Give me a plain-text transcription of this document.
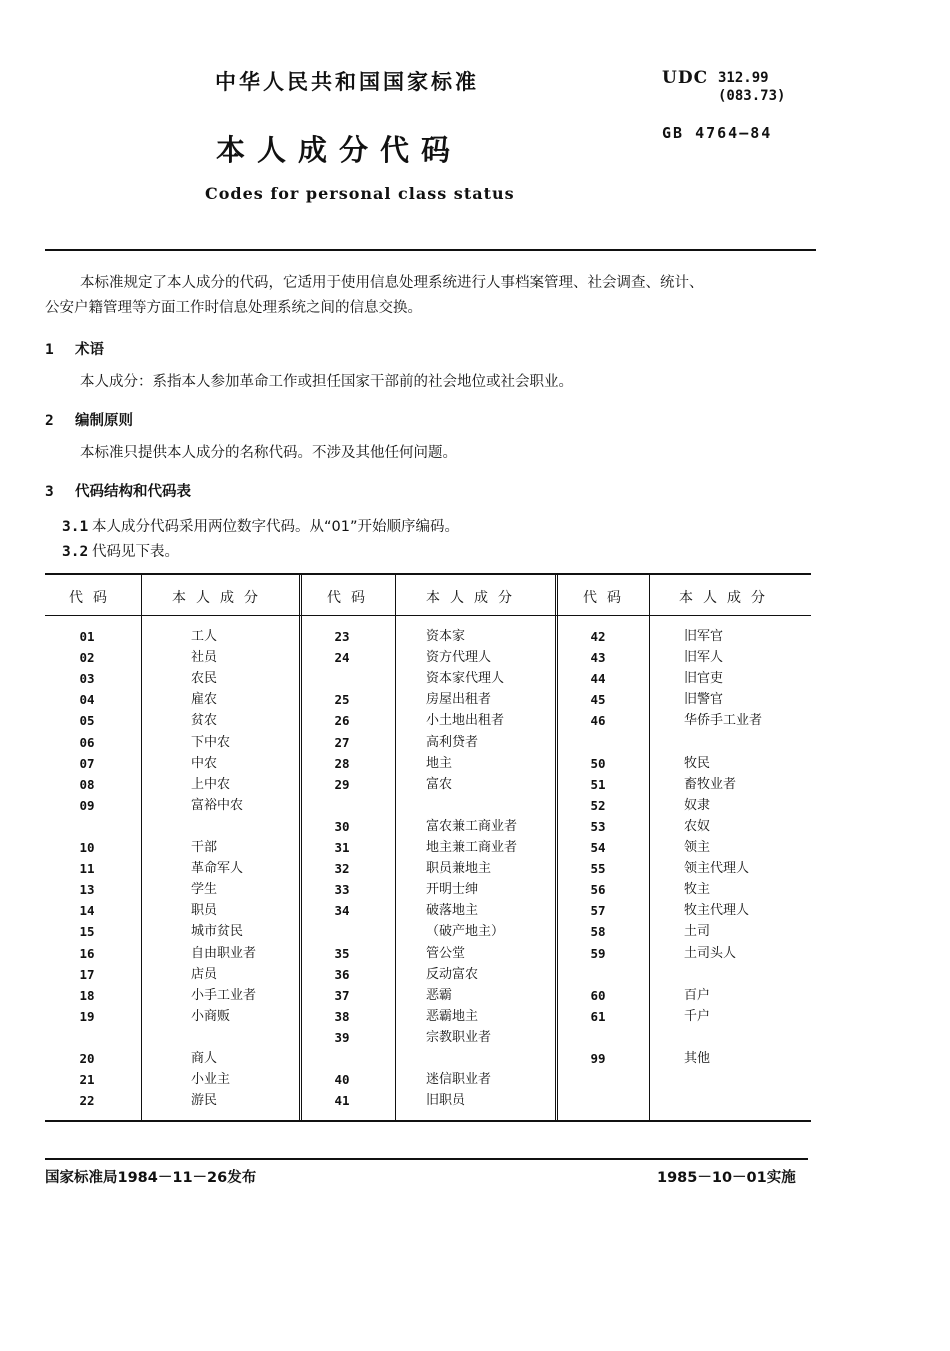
中华人民共和国国家标准
本人成分代码
Codes for personal class status
UDC 312.99
(083.73)
GB 4764—84
本标准规定了本人成分的代码，它适用于使用信息处理系统进行人事档案管理、社会调查、统计、
公安户籍管理等方面工作时信息处理系统之间的信息交换。
1 术语
本人成分：系指本人参加革命工作或担任国家干部前的社会地位或社会职业。
2 编制原则
本标准只提供本人成分的名称代码。不涉及其他任何问题。
3 代码结构和代码表
3.1 本人成分代码采用两位数字代码。从“01”开始顺序编码。
3.2 代码见下表。
代码	本人成分	代码	本人成分	代码	本人成分
01	工人
02	社员
03	农民
04	雇农
05	贫农
06	下中农
07	中农
08	上中农
09	富裕中农
10	干部
11	革命军人
13	学生
14	职员
15	城市贫民
16	自由职业者
17	店员
18	小手工业者
19	小商贩
20	商人
21	小业主
22	游民
23	资本家
24	资方代理人
资本家代理人
25	房屋出租者
26	小土地出租者
27	高利贷者
28	地主
29	富农
30	富农兼工商业者
31	地主兼工商业者
32	职员兼地主
33	开明士绅
34	破落地主
（破产地主）
35	管公堂
36	反动富农
37	恶霸
38	恶霸地主
39	宗教职业者
40	迷信职业者
41	旧职员
42	旧军官
43	旧军人
44	旧官吏
45	旧警官
46	华侨手工业者
50	牧民
51	畜牧业者
52	奴隶
53	农奴
54	领主
55	领主代理人
56	牧主
57	牧主代理人
58	土司
59	土司头人
60	百户
61	千户
99	其他
国家标准局1984－11－26发布	1985－10－01实施
